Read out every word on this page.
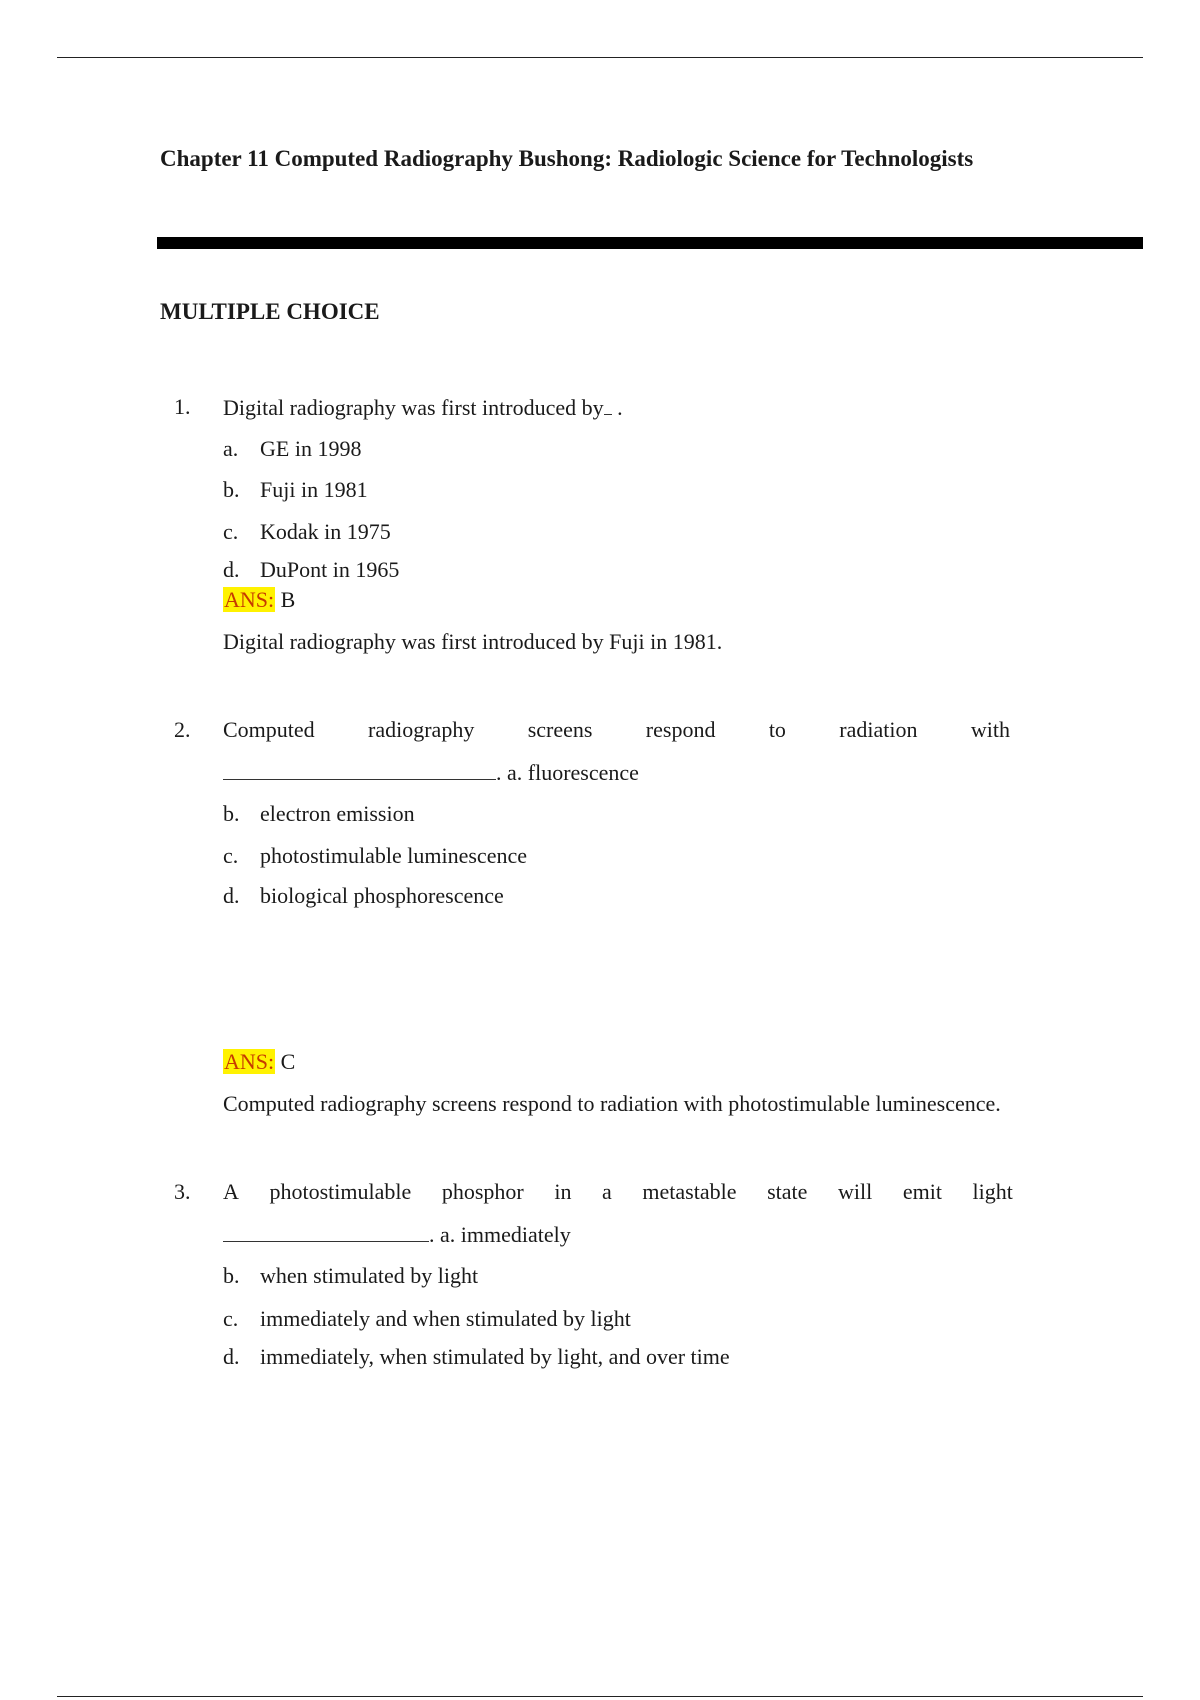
Chapter 11 Computed Radiography Bushong: Radiologic Science for Technologists
MULTIPLE CHOICE
1. Digital radiography was first introduced by .
a. GE in 1998
b. Fuji in 1981
c. Kodak in 1975
d. DuPont in 1965
ANS: B
Digital radiography was first introduced by Fuji in 1981.
2. Computed radiography screens respond to radiation with
. a. fluorescence
b. electron emission
c. photostimulable luminescence
d. biological phosphorescence
ANS: C
Computed radiography screens respond to radiation with photostimulable luminescence.
3. A photostimulable phosphor in a metastable state will emit light
. a. immediately
b. when stimulated by light
c. immediately and when stimulated by light
d. immediately, when stimulated by light, and over time
